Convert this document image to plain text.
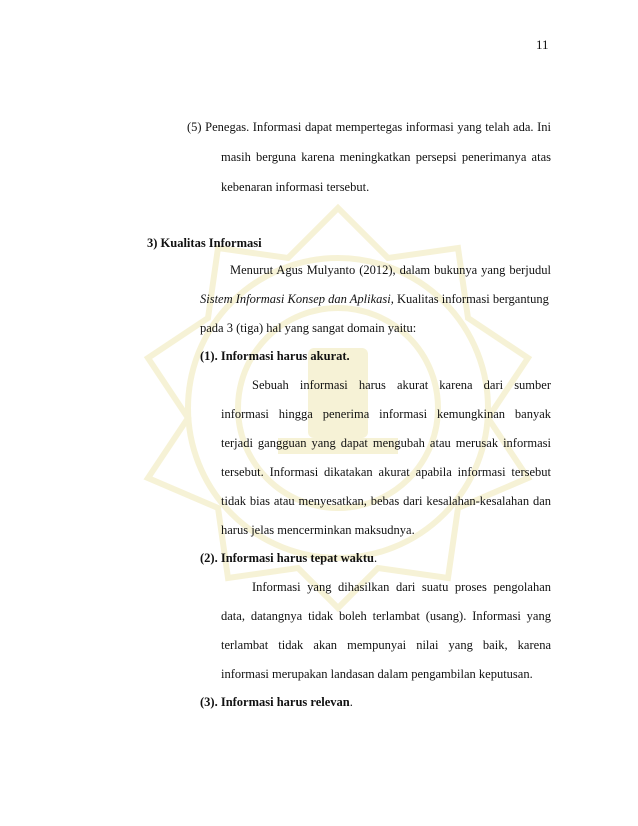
11
(5) Penegas. Informasi dapat mempertegas informasi yang telah ada. Ini
masih berguna karena meningkatkan persepsi penerimanya atas
kebenaran informasi tersebut.
3) Kualitas Informasi
Menurut Agus Mulyanto (2012), dalam bukunya yang berjudul
Sistem Informasi Konsep dan Aplikasi, Kualitas informasi bergantung
pada 3 (tiga) hal yang sangat domain yaitu:
(1). Informasi harus akurat.
Sebuah informasi harus akurat karena dari sumber
informasi hingga penerima informasi kemungkinan banyak
terjadi gangguan yang dapat mengubah atau merusak informasi
tersebut. Informasi dikatakan akurat apabila informasi tersebut
tidak bias atau menyesatkan, bebas dari kesalahan-kesalahan dan
harus jelas mencerminkan maksudnya.
(2). Informasi harus tepat waktu.
Informasi yang dihasilkan dari suatu proses pengolahan
data, datangnya tidak boleh terlambat (usang). Informasi yang
terlambat tidak akan mempunyai nilai yang baik, karena
informasi merupakan landasan dalam pengambilan keputusan.
(3). Informasi harus relevan.
